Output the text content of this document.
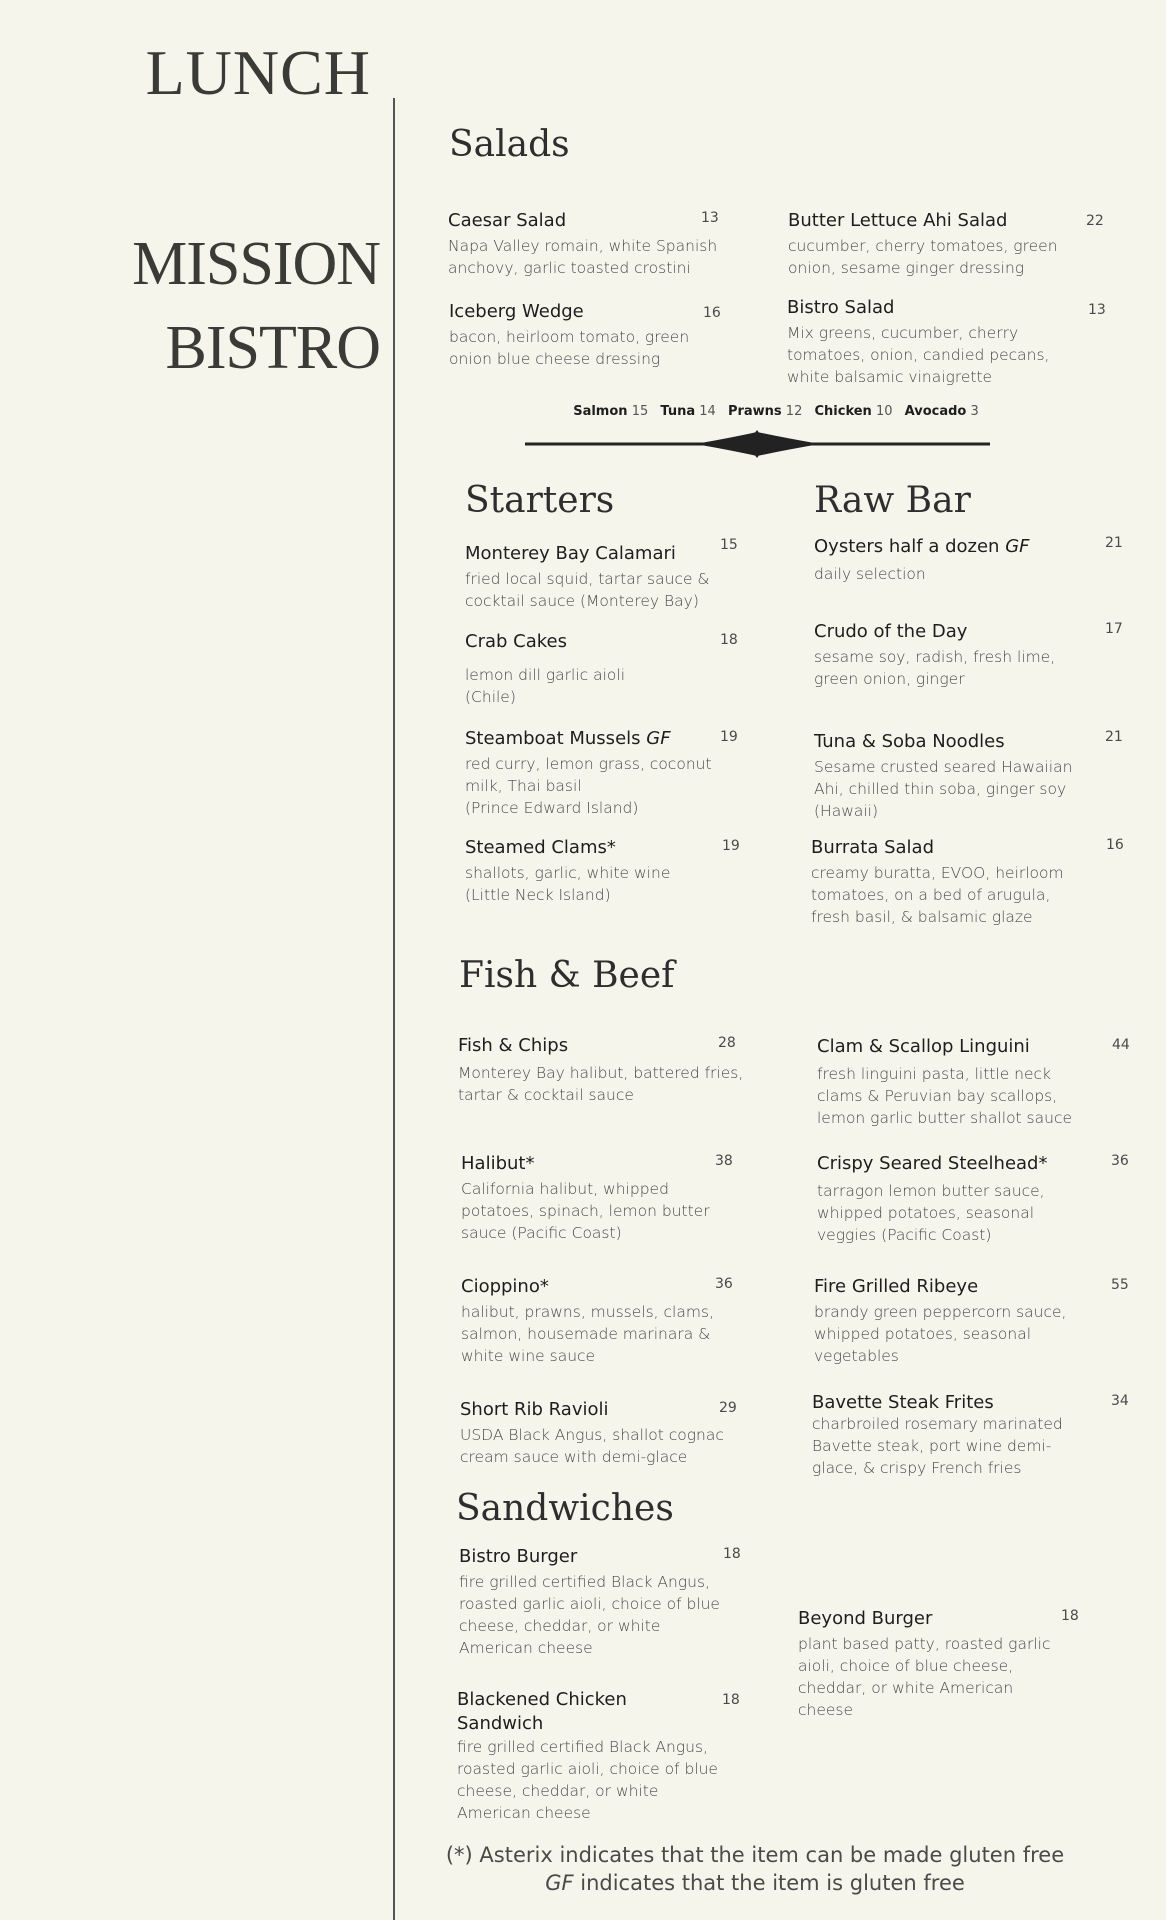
LUNCH
MISSION
BISTRO
Salads
Caesar Salad
Napa Valley romain, white Spanish anchovy, garlic toasted crostini
13	Butter Lettuce Ahi Salad
cucumber, cherry tomatoes, green onion, sesame ginger dressing
22
Iceberg Wedge
bacon, heirloom tomato, green onion blue cheese dressing
16	Bistro Salad
Mix greens, cucumber, cherry tomatoes, onion, candied pecans, white balsamic vinaigrette
13
Salmon 15 Tuna 14 Prawns 12 Chicken 10 Avocado 3
Starters
Monterey Bay Calamari
fried local squid, tartar sauce & cocktail sauce (Monterey Bay)
15
Crab Cakes
lemon dill garlic aioli
(Chile)
18
Steamboat Mussels GF
red curry, lemon grass, coconut milk, Thai basil
(Prince Edward Island)
19
Steamed Clams*
shallots, garlic, white wine
(Little Neck Island)
19
Raw Bar
Oysters half a dozen GF
daily selection
21
Crudo of the Day
sesame soy, radish, fresh lime, green onion, ginger
17
Tuna & Soba Noodles
Sesame crusted seared Hawaiian Ahi, chilled thin soba, ginger soy (Hawaii)
21
Burrata Salad
creamy buratta, EVOO, heirloom tomatoes, on a bed of arugula, fresh basil, & balsamic glaze
16
Fish & Beef
Fish & Chips
Monterey Bay halibut, battered fries, tartar & cocktail sauce
28	Clam & Scallop Linguini
fresh linguini pasta, little neck clams & Peruvian bay scallops, lemon garlic butter shallot sauce
44
Halibut*
California halibut, whipped potatoes, spinach, lemon butter sauce (Pacific Coast)
38	Crispy Seared Steelhead*
tarragon lemon butter sauce, whipped potatoes, seasonal veggies (Pacific Coast)
36
Cioppino*
halibut, prawns, mussels, clams, salmon, housemade marinara & white wine sauce
36	Fire Grilled Ribeye
brandy green peppercorn sauce, whipped potatoes, seasonal vegetables
55
Short Rib Ravioli
USDA Black Angus, shallot cognac cream sauce with demi-glace
29	Bavette Steak Frites
charbroiled rosemary marinated Bavette steak, port wine demi-glace, & crispy French fries
34
Sandwiches
Bistro Burger
fire grilled certified Black Angus, roasted garlic aioli, choice of blue cheese, cheddar, or white American cheese
18
Beyond Burger
plant based patty, roasted garlic aioli, choice of blue cheese, cheddar, or white American cheese
18
Blackened Chicken Sandwich
fire grilled certified Black Angus, roasted garlic aioli, choice of blue cheese, cheddar, or white American cheese
18
(*) Asterix indicates that the item can be made gluten free
GF indicates that the item is gluten free
